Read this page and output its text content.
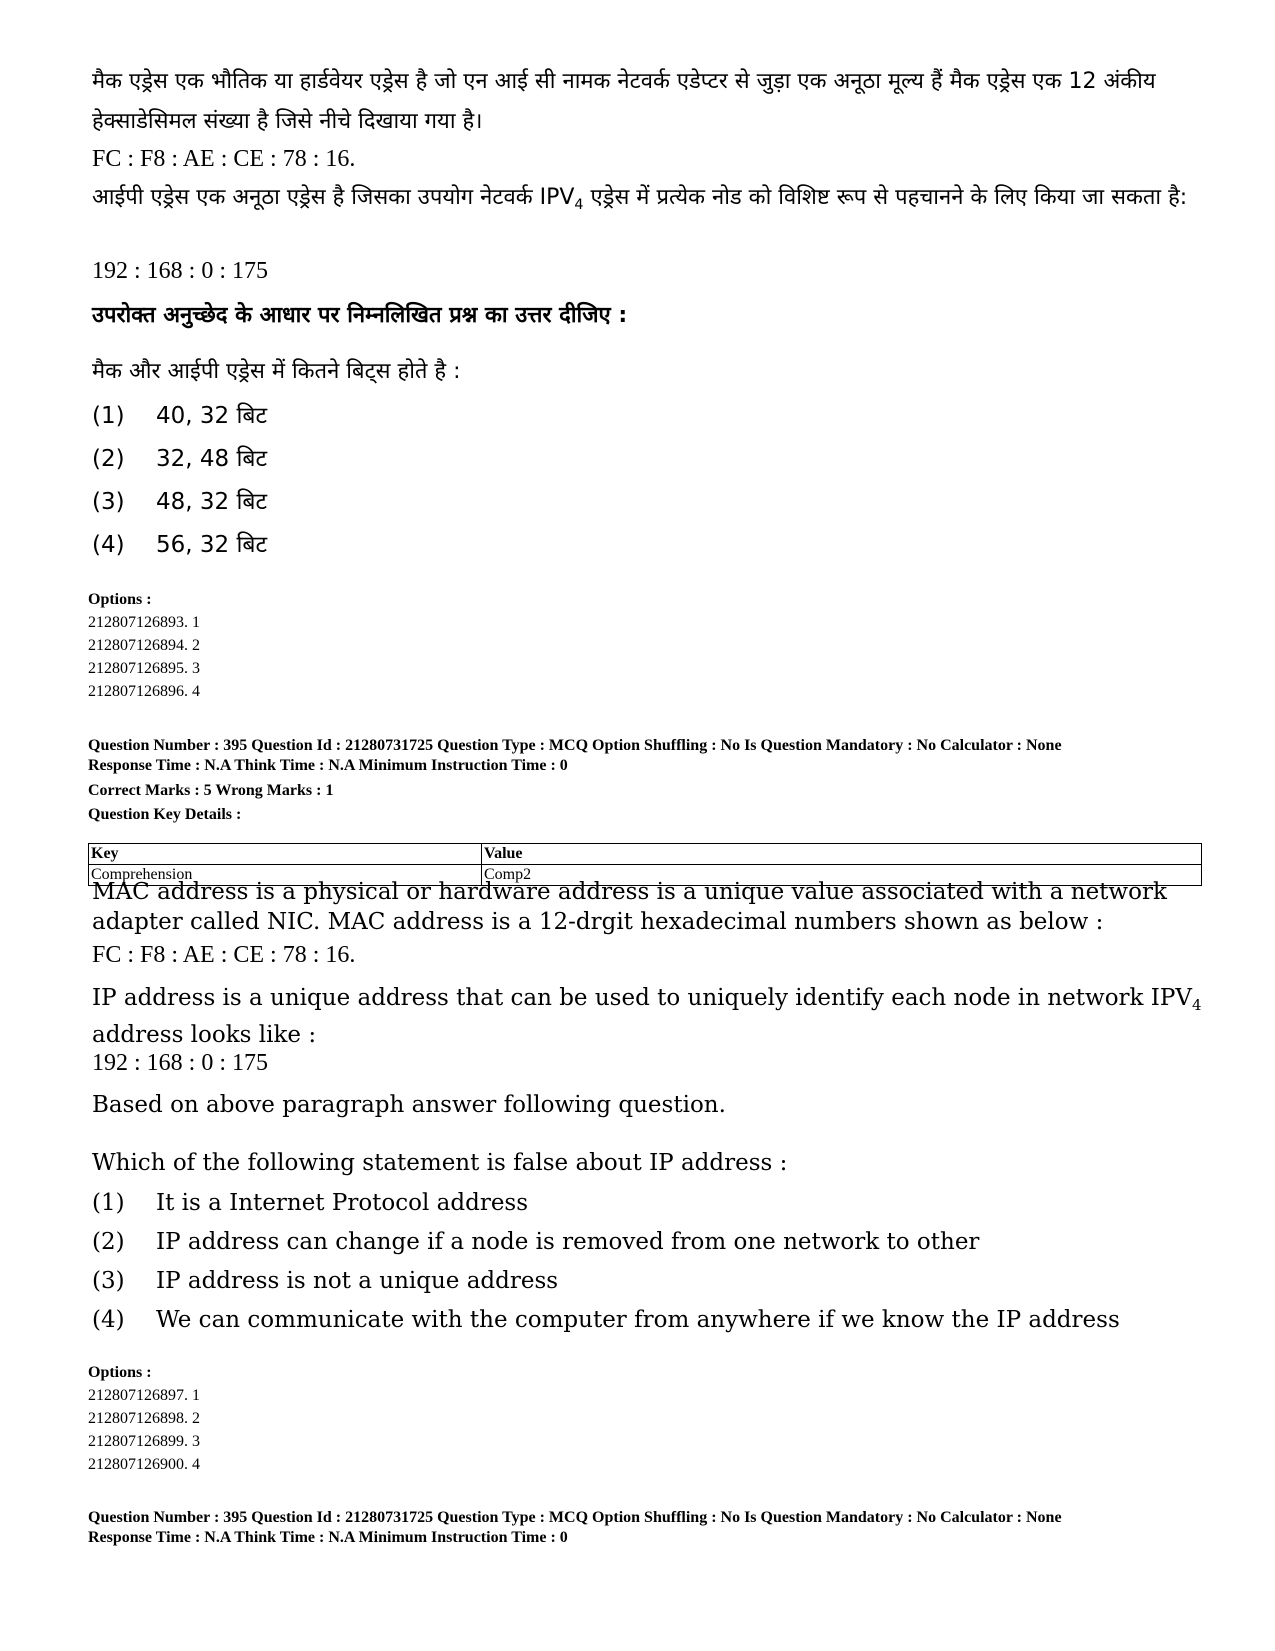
मैक एड्रेस एक भौतिक या हार्डवेयर एड्रेस है जो एन आई सी नामक नेटवर्क एडेप्टर से जुड़ा एक अनूठा मूल्य हैं मैक एड्रेस एक 12 अंकीय हेक्साडेसिमल संख्या है जिसे नीचे दिखाया गया है।
FC : F8 : AE : CE : 78 : 16.
आईपी एड्रेस एक अनूठा एड्रेस है जिसका उपयोग नेटवर्क $IPV_4$ एड्रेस में प्रत्येक नोड को विशिष्ट रूप से पहचानने के लिए किया जा सकता है:
192 : 168 : 0 : 175
उपरोक्त अनुच्छेद के आधार पर निम्नलिखित प्रश्न का उत्तर दीजिए :
मैक और आईपी एड्रेस में कितने बिट्स होते है :
(1) 40, 32 बिट
(2) 32, 48 बिट
(3) 48, 32 बिट
(4) 56, 32 बिट
Options :
212807126893. 1
212807126894. 2
212807126895. 3
212807126896. 4
Question Number : 395 Question Id : 21280731725 Question Type : MCQ Option Shuffling : No Is Question Mandatory : No Calculator : None
Response Time : N.A Think Time : N.A Minimum Instruction Time : 0
Correct Marks : 5 Wrong Marks : 1
Question Key Details :
Key	Value
Comprehension	Comp2
MAC address is a physical or hardware address is a unique value associated with a network adapter called NIC. MAC address is a 12-drgit hexadecimal numbers shown as below :
FC : F8 : AE : CE : 78 : 16.
IP address is a unique address that can be used to uniquely identify each node in network $IPV_4$ address looks like :
192 : 168 : 0 : 175
Based on above paragraph answer following question.
Which of the following statement is false about IP address :
(1) It is a Internet Protocol address
(2) IP address can change if a node is removed from one network to other
(3) IP address is not a unique address
(4) We can communicate with the computer from anywhere if we know the IP address
Options :
212807126897. 1
212807126898. 2
212807126899. 3
212807126900. 4
Question Number : 395 Question Id : 21280731725 Question Type : MCQ Option Shuffling : No Is Question Mandatory : No Calculator : None
Response Time : N.A Think Time : N.A Minimum Instruction Time : 0
